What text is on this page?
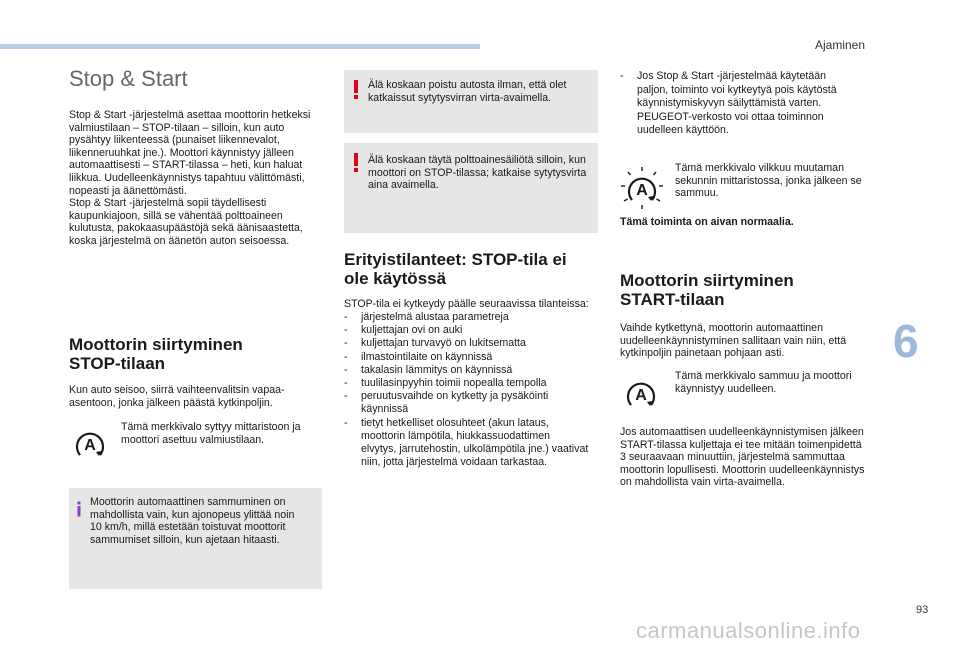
Ajaminen
6
93
carmanualsonline.info
Stop & Start
Stop & Start -järjestelmä asettaa moottorin hetkeksi
valmiustilaan – STOP-tilaan – silloin, kun auto
pysähtyy liikenteessä (punaiset liikennevalot,
liikenneruuhkat jne.). Moottori käynnistyy jälleen
automaattisesti – START-tilassa – heti, kun haluat
liikkua. Uudelleenkäynnistys tapahtuu välittömästi,
nopeasti ja äänettömästi.
Stop & Start -järjestelmä sopii täydellisesti
kaupunkiajoon, sillä se vähentää polttoaineen
kulutusta, pakokaasupäästöjä sekä äänisaastetta,
koska järjestelmä on äänetön auton seisoessa.
Moottorin siirtyminen
STOP-tilaan
Kun auto seisoo, siirrä vaihteenvalitsin vapaa-
asentoon, jonka jälkeen päästä kytkinpoljin.
A
Tämä merkkivalo syttyy mittaristoon ja
moottori asettuu valmiustilaan.
Moottorin automaattinen sammuminen on
mahdollista vain, kun ajonopeus ylittää noin
10 km/h, millä estetään toistuvat moottorit
sammumiset silloin, kun ajetaan hitaasti.
Älä koskaan poistu autosta ilman, että olet
katkaissut sytytysvirran virta-avaimella.
Älä koskaan täytä polttoainesäiliötä silloin, kun
moottori on STOP-tilassa; katkaise sytytysvirta
aina avaimella.
Erityistilanteet: STOP-tila ei
ole käytössä
STOP-tila ei kytkeydy päälle seuraavissa tilanteissa:
- järjestelmä alustaa parametreja
- kuljettajan ovi on auki
- kuljettajan turvavyö on lukitsematta
- ilmastointilaite on käynnissä
- takalasin lämmitys on käynnissä
- tuulilasinpyyhin toimii nopealla tempolla
- peruutusvaihde on kytketty ja pysäköinti
käynnissä
- tietyt hetkelliset olosuhteet (akun lataus,
moottorin lämpötila, hiukkassuodattimen
elvytys, jarrutehostin, ulkolämpötila jne.) vaativat
niin, jotta järjestelmä voidaan tarkastaa.
- Jos Stop & Start -järjestelmää käytetään
paljon, toiminto voi kytkeytyä pois käytöstä
käynnistymiskyvyn säilyttämistä varten.
PEUGEOT-verkosto voi ottaa toiminnon
uudelleen käyttöön.
A
Tämä merkkivalo vilkkuu muutaman
sekunnin mittaristossa, jonka jälkeen se
sammuu.
Tämä toiminta on aivan normaalia.
Moottorin siirtyminen
START-tilaan
Vaihde kytkettynä, moottorin automaattinen
uudelleenkäynnistyminen sallitaan vain niin, että
kytkinpoljin painetaan pohjaan asti.
A
Tämä merkkivalo sammuu ja moottori
käynnistyy uudelleen.
Jos automaattisen uudelleenkäynnistymisen jälkeen
START-tilassa kuljettaja ei tee mitään toimenpidettä
3 seuraavaan minuuttiin, järjestelmä sammuttaa
moottorin lopullisesti. Moottorin uudelleenkäynnistys
on mahdollista vain virta-avaimella.
